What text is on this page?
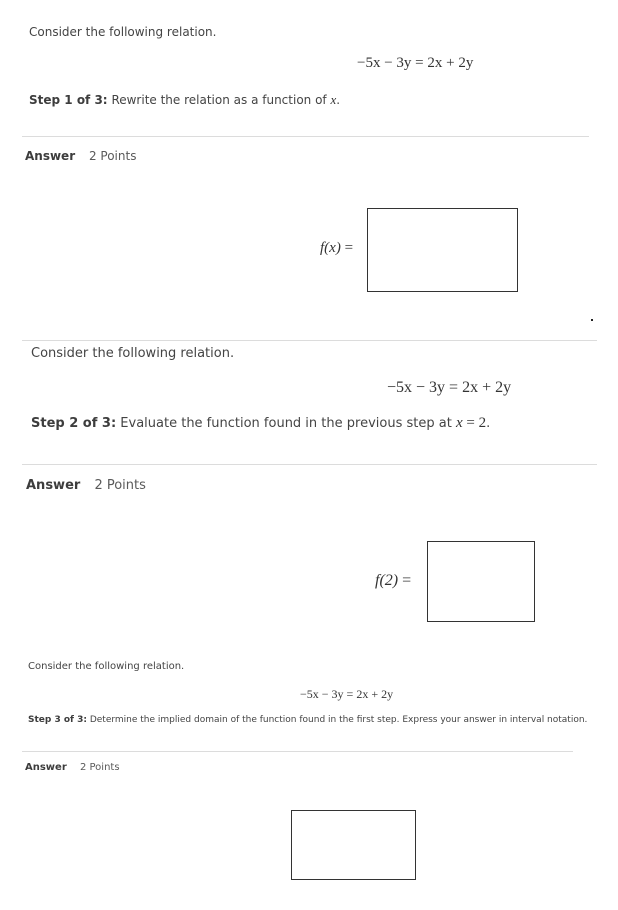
Consider the following relation.
−5x − 3y = 2x + 2y
Step 1 of 3: Rewrite the relation as a function of x.
Answer 2 Points
f(x) =
Consider the following relation.
−5x − 3y = 2x + 2y
Step 2 of 3: Evaluate the function found in the previous step at x = 2.
Answer 2 Points
f(2) =
Consider the following relation.
−5x − 3y = 2x + 2y
Step 3 of 3: Determine the implied domain of the function found in the first step. Express your answer in interval notation.
Answer 2 Points
